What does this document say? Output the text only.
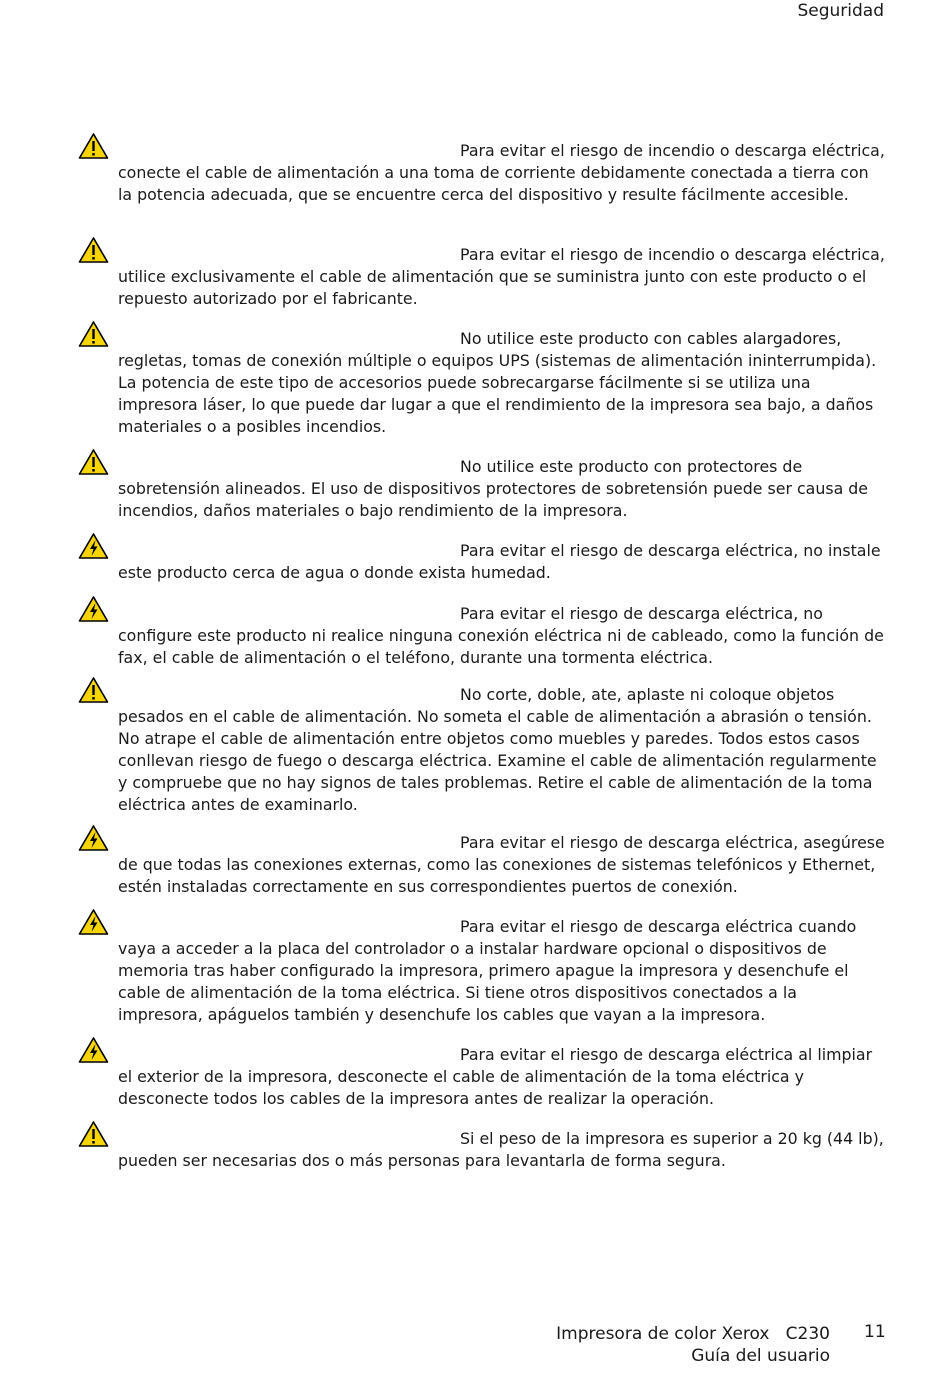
Seguridad
Para evitar el riesgo de incendio o descarga eléctrica, conecte el cable de alimentación a una toma de corriente debidamente conectada a tierra con la potencia adecuada, que se encuentre cerca del dispositivo y resulte fácilmente accesible.
Para evitar el riesgo de incendio o descarga eléctrica, utilice exclusivamente el cable de alimentación que se suministra junto con este producto o el repuesto autorizado por el fabricante.
No utilice este producto con cables alargadores, regletas, tomas de conexión múltiple o equipos UPS (sistemas de alimentación ininterrumpida). La potencia de este tipo de accesorios puede sobrecargarse fácilmente si se utiliza una impresora láser, lo que puede dar lugar a que el rendimiento de la impresora sea bajo, a daños materiales o a posibles incendios.
No utilice este producto con protectores de sobretensión alineados. El uso de dispositivos protectores de sobretensión puede ser causa de incendios, daños materiales o bajo rendimiento de la impresora.
Para evitar el riesgo de descarga eléctrica, no instale este producto cerca de agua o donde exista humedad.
Para evitar el riesgo de descarga eléctrica, no configure este producto ni realice ninguna conexión eléctrica ni de cableado, como la función de fax, el cable de alimentación o el teléfono, durante una tormenta eléctrica.
No corte, doble, ate, aplaste ni coloque objetos pesados en el cable de alimentación. No someta el cable de alimentación a abrasión o tensión. No atrape el cable de alimentación entre objetos como muebles y paredes. Todos estos casos conllevan riesgo de fuego o descarga eléctrica. Examine el cable de alimentación regularmente y compruebe que no hay signos de tales problemas. Retire el cable de alimentación de la toma eléctrica antes de examinarlo.
Para evitar el riesgo de descarga eléctrica, asegúrese de que todas las conexiones externas, como las conexiones de sistemas telefónicos y Ethernet, estén instaladas correctamente en sus correspondientes puertos de conexión.
Para evitar el riesgo de descarga eléctrica cuando vaya a acceder a la placa del controlador o a instalar hardware opcional o dispositivos de memoria tras haber configurado la impresora, primero apague la impresora y desenchufe el cable de alimentación de la toma eléctrica. Si tiene otros dispositivos conectados a la impresora, apáguelos también y desenchufe los cables que vayan a la impresora.
Para evitar el riesgo de descarga eléctrica al limpiar el exterior de la impresora, desconecte el cable de alimentación de la toma eléctrica y desconecte todos los cables de la impresora antes de realizar la operación.
Si el peso de la impresora es superior a 20 kg (44 lb), pueden ser necesarias dos o más personas para levantarla de forma segura.
Impresora de color Xerox   C230
Guía del usuario
11
